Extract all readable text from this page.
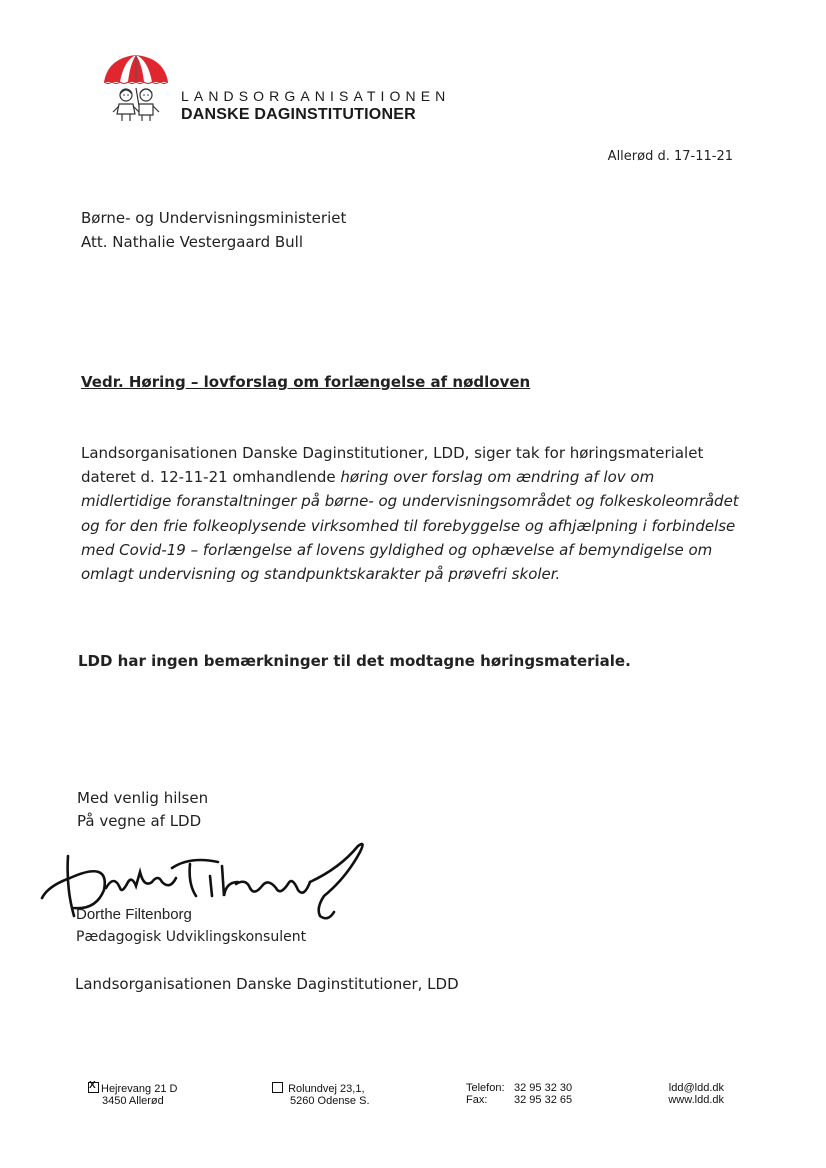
LANDSORGANISATIONEN
DANSKE DAGINSTITUTIONER
Allerød d. 17-11-21
Børne- og Undervisningsministeriet
Att. Nathalie Vestergaard Bull
Vedr. Høring – lovforslag om forlængelse af nødloven
Landsorganisationen Danske Daginstitutioner, LDD, siger tak for høringsmaterialet dateret d. 12-11-21 omhandlende høring over forslag om ændring af lov om midlertidige foranstaltninger på børne- og undervisningsområdet og folkeskoleområdet og for den frie folkeoplysende virksomhed til forebyggelse og afhjælpning i forbindelse med Covid-19 – forlængelse af lovens gyldighed og ophævelse af bemyndigelse om omlagt undervisning og standpunktskarakter på prøvefri skoler.
LDD har ingen bemærkninger til det modtagne høringsmateriale.
Med venlig hilsen
På vegne af LDD
Dorthe Filtenborg
Pædagogisk Udviklingskonsulent
Landsorganisationen Danske Daginstitutioner, LDD
XHejrevang 21 D
3450 Allerød
Rolundvej 23,1,
5260 Odense S.
Telefon: 32 95 32 30
Fax: 32 95 32 65
ldd@ldd.dk
www.ldd.dk
